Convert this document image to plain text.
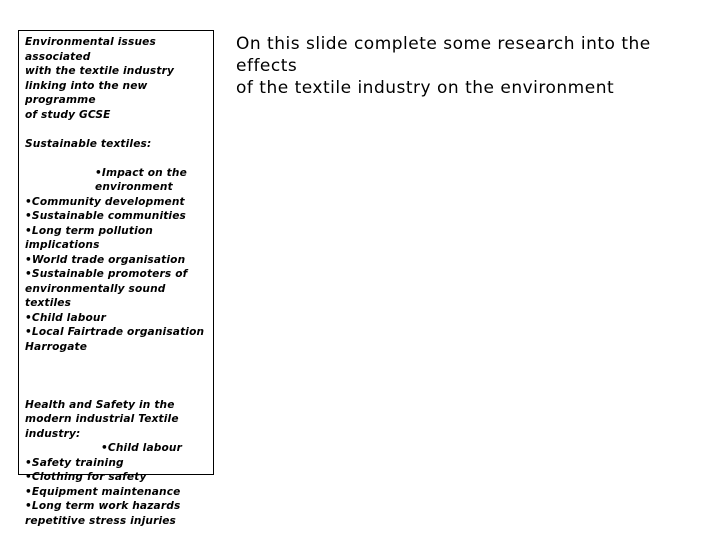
Environmental issues associated

with the textile industry

linking into the new programme

of study GCSE

Sustainable textiles:

•Impact on the

environment

•Community development

•Sustainable communities

•Long term pollution

implications

•World trade organisation

•Sustainable promoters of

environmentally sound textiles

•Child labour

•Local Fairtrade organisation

Harrogate

Health and Safety in the

modern industrial Textile

industry:

•Child labour

•Safety training

•Clothing for safety

•Equipment maintenance

•Long term work hazards

repetitive stress injuries

On this slide complete some research into the effects
of the textile industry on the environment
